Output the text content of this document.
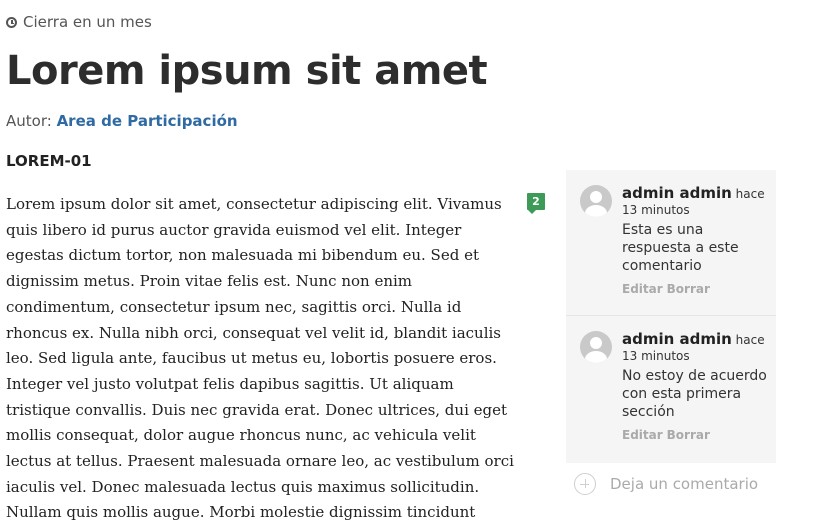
Cierra en un mes
Lorem ipsum sit amet
Autor: Area de Participación
LOREM-01

Lorem ipsum dolor sit amet, consectetur adipiscing elit. Vivamus quis libero id purus auctor gravida euismod vel elit. Integer egestas dictum tortor, non malesuada mi bibendum eu. Sed et dignissim metus. Proin vitae felis est. Nunc non enim condimentum, consectetur ipsum nec, sagittis orci. Nulla id rhoncus ex. Nulla nibh orci, consequat vel velit id, blandit iaculis leo. Sed ligula ante, faucibus ut metus eu, lobortis posuere eros. Integer vel justo volutpat felis dapibus sagittis. Ut aliquam tristique convallis. Duis nec gravida erat. Donec ultrices, dui eget mollis consequat, dolor augue rhoncus nunc, ac vehicula velit lectus at tellus. Praesent malesuada ornare leo, ac vestibulum orci iaculis vel. Donec malesuada lectus quis maximus sollicitudin. Nullam quis mollis augue. Morbi molestie dignissim tincidunt

2	admin admin hace
13 minutos
Esta es una respuesta a este comentario
Editar Borrar
admin admin hace
13 minutos
No estoy de acuerdo con esta primera sección
Editar Borrar
Deja un comentario
